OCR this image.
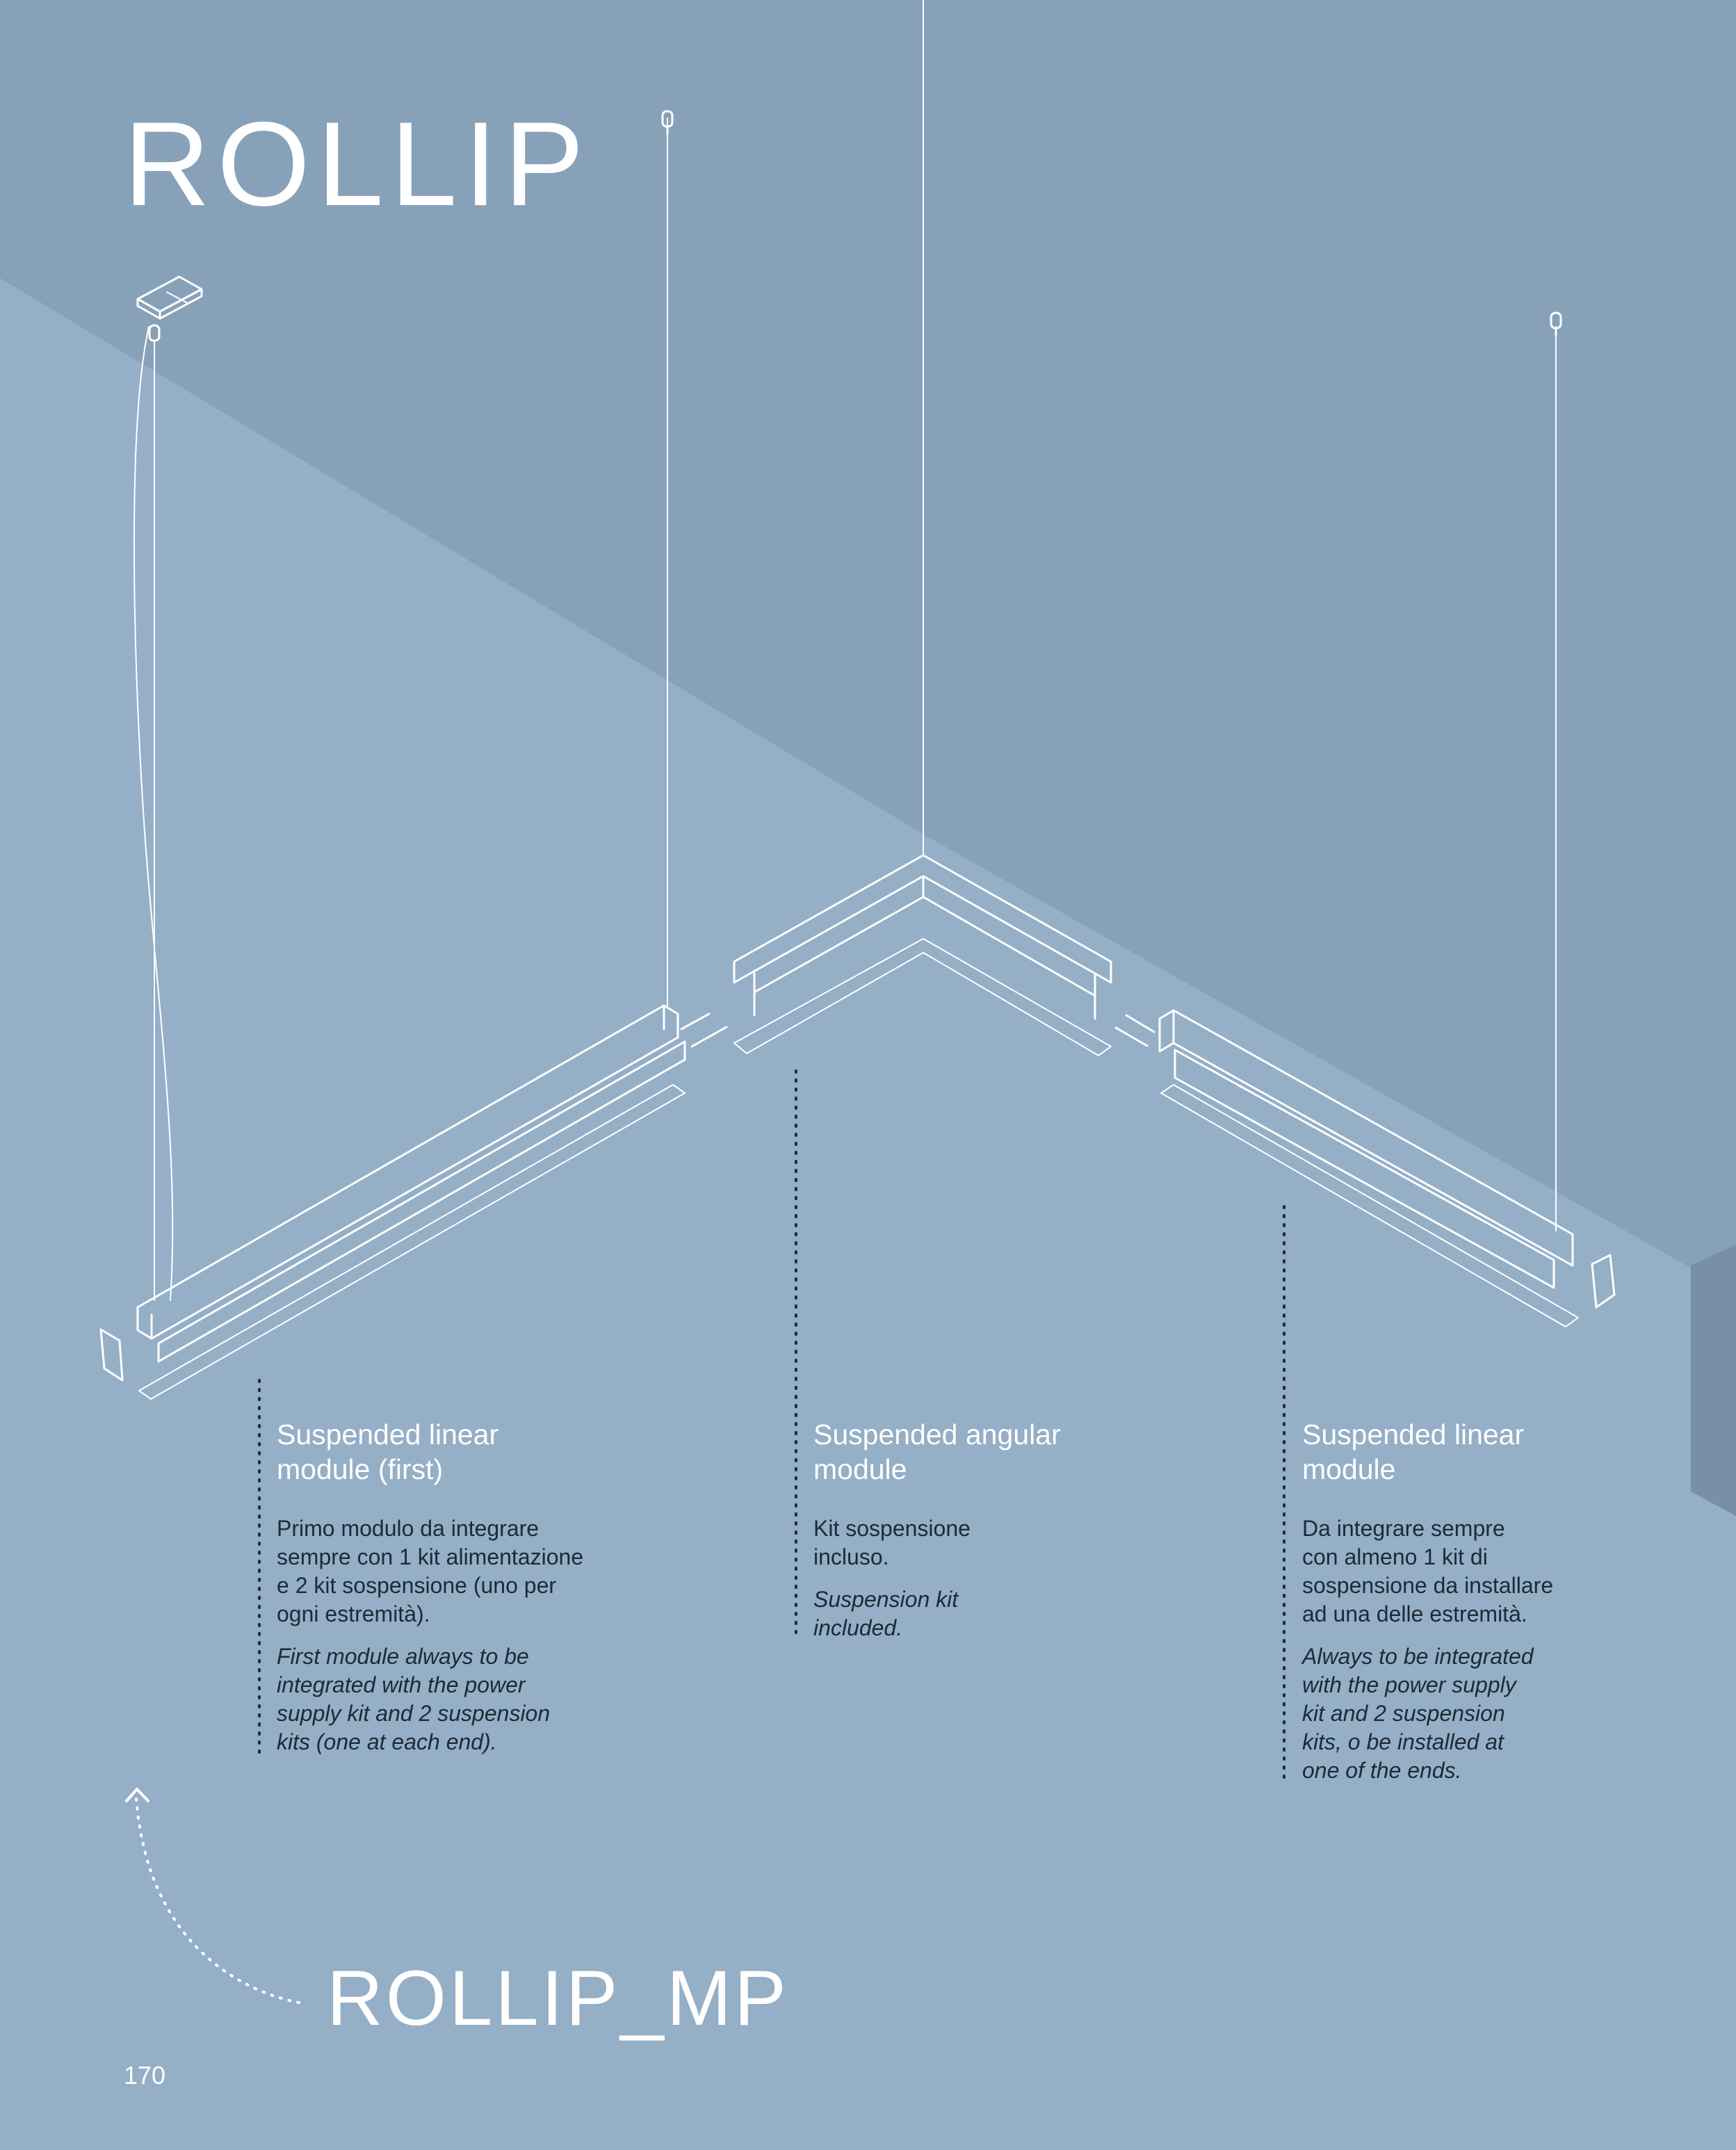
ROLLIP

Suspended linear
module (first)

Primo modulo da integrare
sempre con 1 kit alimentazione
e 2 kit sospensione (uno per
ogni estremità).

First module always to be
integrated with the power
supply kit and 2 suspension
kits (one at each end).

Suspended angular
module

Kit sospensione
incluso.

Suspension kit
included.

Suspended linear
module

Da integrare sempre
con almeno 1 kit di
sospensione da installare
ad una delle estremità.

Always to be integrated
with the power supply
kit and 2 suspension
kits, o be installed at
one of the ends.

ROLLIP_MP
170
